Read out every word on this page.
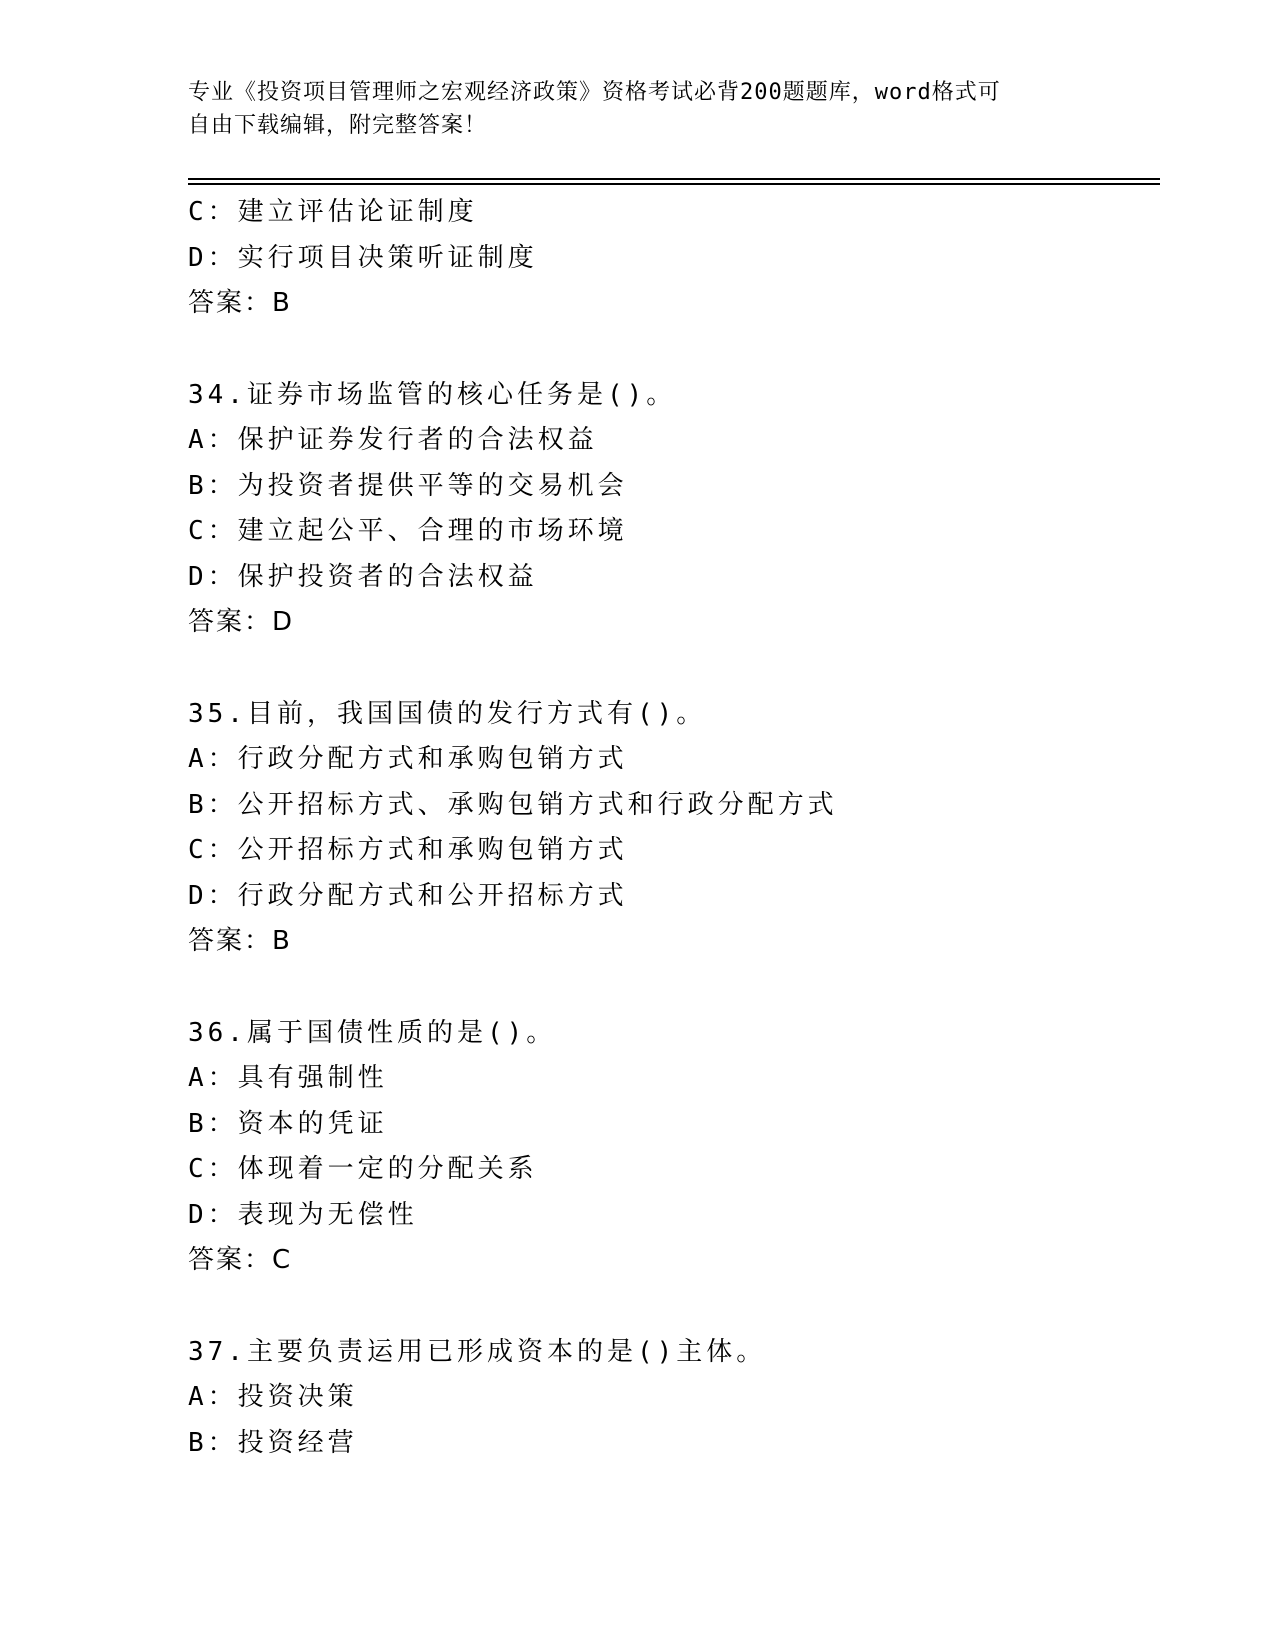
专业《投资项目管理师之宏观经济政策》资格考试必背200题题库，word格式可
自由下载编辑，附完整答案！
C：建立评估论证制度
D：实行项目决策听证制度
答案：B
34.证券市场监管的核心任务是()。
A：保护证券发行者的合法权益
B：为投资者提供平等的交易机会
C：建立起公平、合理的市场环境
D：保护投资者的合法权益
答案：D
35.目前，我国国债的发行方式有()。
A：行政分配方式和承购包销方式
B：公开招标方式、承购包销方式和行政分配方式
C：公开招标方式和承购包销方式
D：行政分配方式和公开招标方式
答案：B
36.属于国债性质的是()。
A：具有强制性
B：资本的凭证
C：体现着一定的分配关系
D：表现为无偿性
答案：C
37.主要负责运用已形成资本的是()主体。
A：投资决策
B：投资经营
